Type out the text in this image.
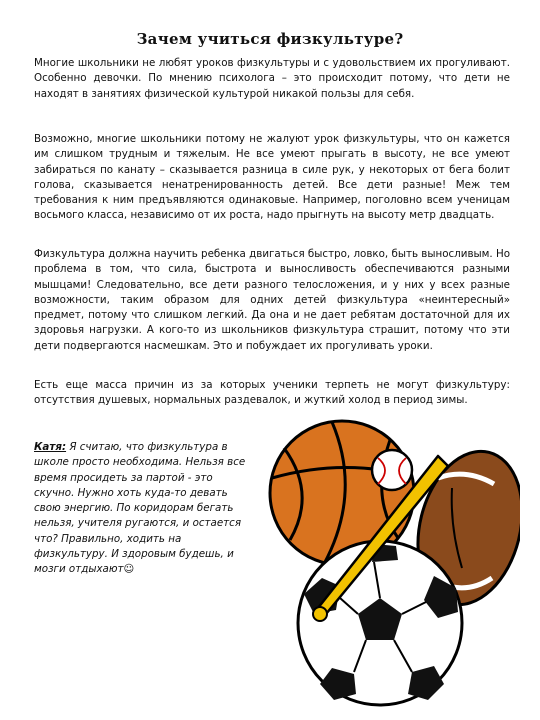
Зачем учиться физкультуре?

Многие школьники не любят уроков физкультуры и с удовольствием их прогуливают. Особенно девочки. По мнению психолога – это происходит потому, что дети не находят в занятиях физической культурой никакой пользы для себя.

Возможно, многие школьники потому не жалуют урок физкультуры, что он кажется им слишком трудным и тяжелым. Не все умеют прыгать в высоту, не все умеют забираться по канату – сказывается разница в силе рук, у некоторых от бега болит голова, сказывается ненатренированность детей. Все дети разные! Меж тем требования к ним предъявляются одинаковые. Например, поголовно всем ученицам восьмого класса, независимо от их роста, надо прыгнуть на высоту метр двадцать.

Физкультура должна научить ребенка двигаться быстро, ловко, быть выносливым. Но проблема в том, что сила, быстрота и выносливость обеспечиваются разными мышцами! Следовательно, все дети разного телосложения, и у них у всех разные возможности, таким образом для одних детей физкультура «неинтересный» предмет, потому что слишком легкий. Да она и не дает ребятам достаточной для их здоровья нагрузки. А кого-то из школьников физкультура страшит, потому что эти дети подвергаются насмешкам. Это и побуждает их прогуливать уроки.

Есть еще масса причин из за которых ученики терпеть не могут физкультуру: отсутствия душевых, нормальных раздевалок, и жуткий холод в период зимы.

Катя: Я считаю, что физкультура в школе просто необходима. Нельзя все время просидеть за партой - это скучно. Нужно хоть куда-то девать свою энергию. По коридорам бегать нельзя, учителя ругаются, и остается что? Правильно, ходить на физкультуру. И здоровым будешь, и мозги отдыхают☺
